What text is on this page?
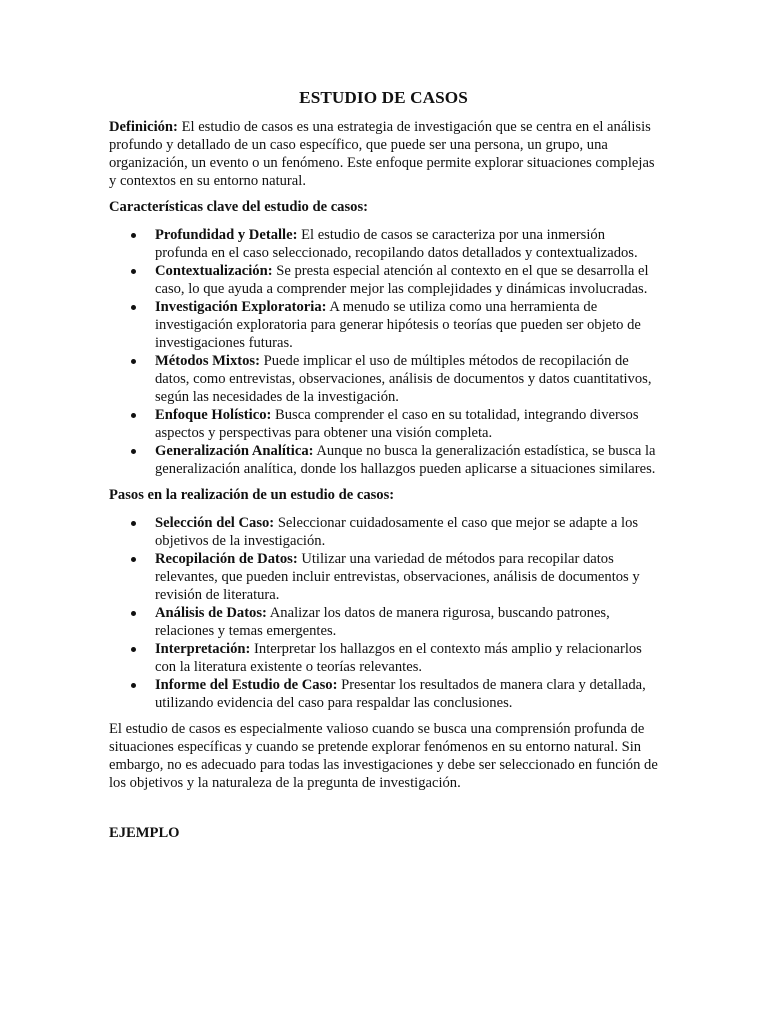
ESTUDIO DE CASOS

Definición: El estudio de casos es una estrategia de investigación que se centra en el análisis profundo y detallado de un caso específico, que puede ser una persona, un grupo, una organización, un evento o un fenómeno. Este enfoque permite explorar situaciones complejas y contextos en su entorno natural.

Características clave del estudio de casos:

Profundidad y Detalle: El estudio de casos se caracteriza por una inmersión profunda en el caso seleccionado, recopilando datos detallados y contextualizados.
Contextualización: Se presta especial atención al contexto en el que se desarrolla el caso, lo que ayuda a comprender mejor las complejidades y dinámicas involucradas.
Investigación Exploratoria: A menudo se utiliza como una herramienta de investigación exploratoria para generar hipótesis o teorías que pueden ser objeto de investigaciones futuras.
Métodos Mixtos: Puede implicar el uso de múltiples métodos de recopilación de datos, como entrevistas, observaciones, análisis de documentos y datos cuantitativos, según las necesidades de la investigación.
Enfoque Holístico: Busca comprender el caso en su totalidad, integrando diversos aspectos y perspectivas para obtener una visión completa.
Generalización Analítica: Aunque no busca la generalización estadística, se busca la generalización analítica, donde los hallazgos pueden aplicarse a situaciones similares.

Pasos en la realización de un estudio de casos:

Selección del Caso: Seleccionar cuidadosamente el caso que mejor se adapte a los objetivos de la investigación.
Recopilación de Datos: Utilizar una variedad de métodos para recopilar datos relevantes, que pueden incluir entrevistas, observaciones, análisis de documentos y revisión de literatura.
Análisis de Datos: Analizar los datos de manera rigurosa, buscando patrones, relaciones y temas emergentes.
Interpretación: Interpretar los hallazgos en el contexto más amplio y relacionarlos con la literatura existente o teorías relevantes.
Informe del Estudio de Caso: Presentar los resultados de manera clara y detallada, utilizando evidencia del caso para respaldar las conclusiones.

El estudio de casos es especialmente valioso cuando se busca una comprensión profunda de situaciones específicas y cuando se pretende explorar fenómenos en su entorno natural. Sin embargo, no es adecuado para todas las investigaciones y debe ser seleccionado en función de los objetivos y la naturaleza de la pregunta de investigación.

EJEMPLO
